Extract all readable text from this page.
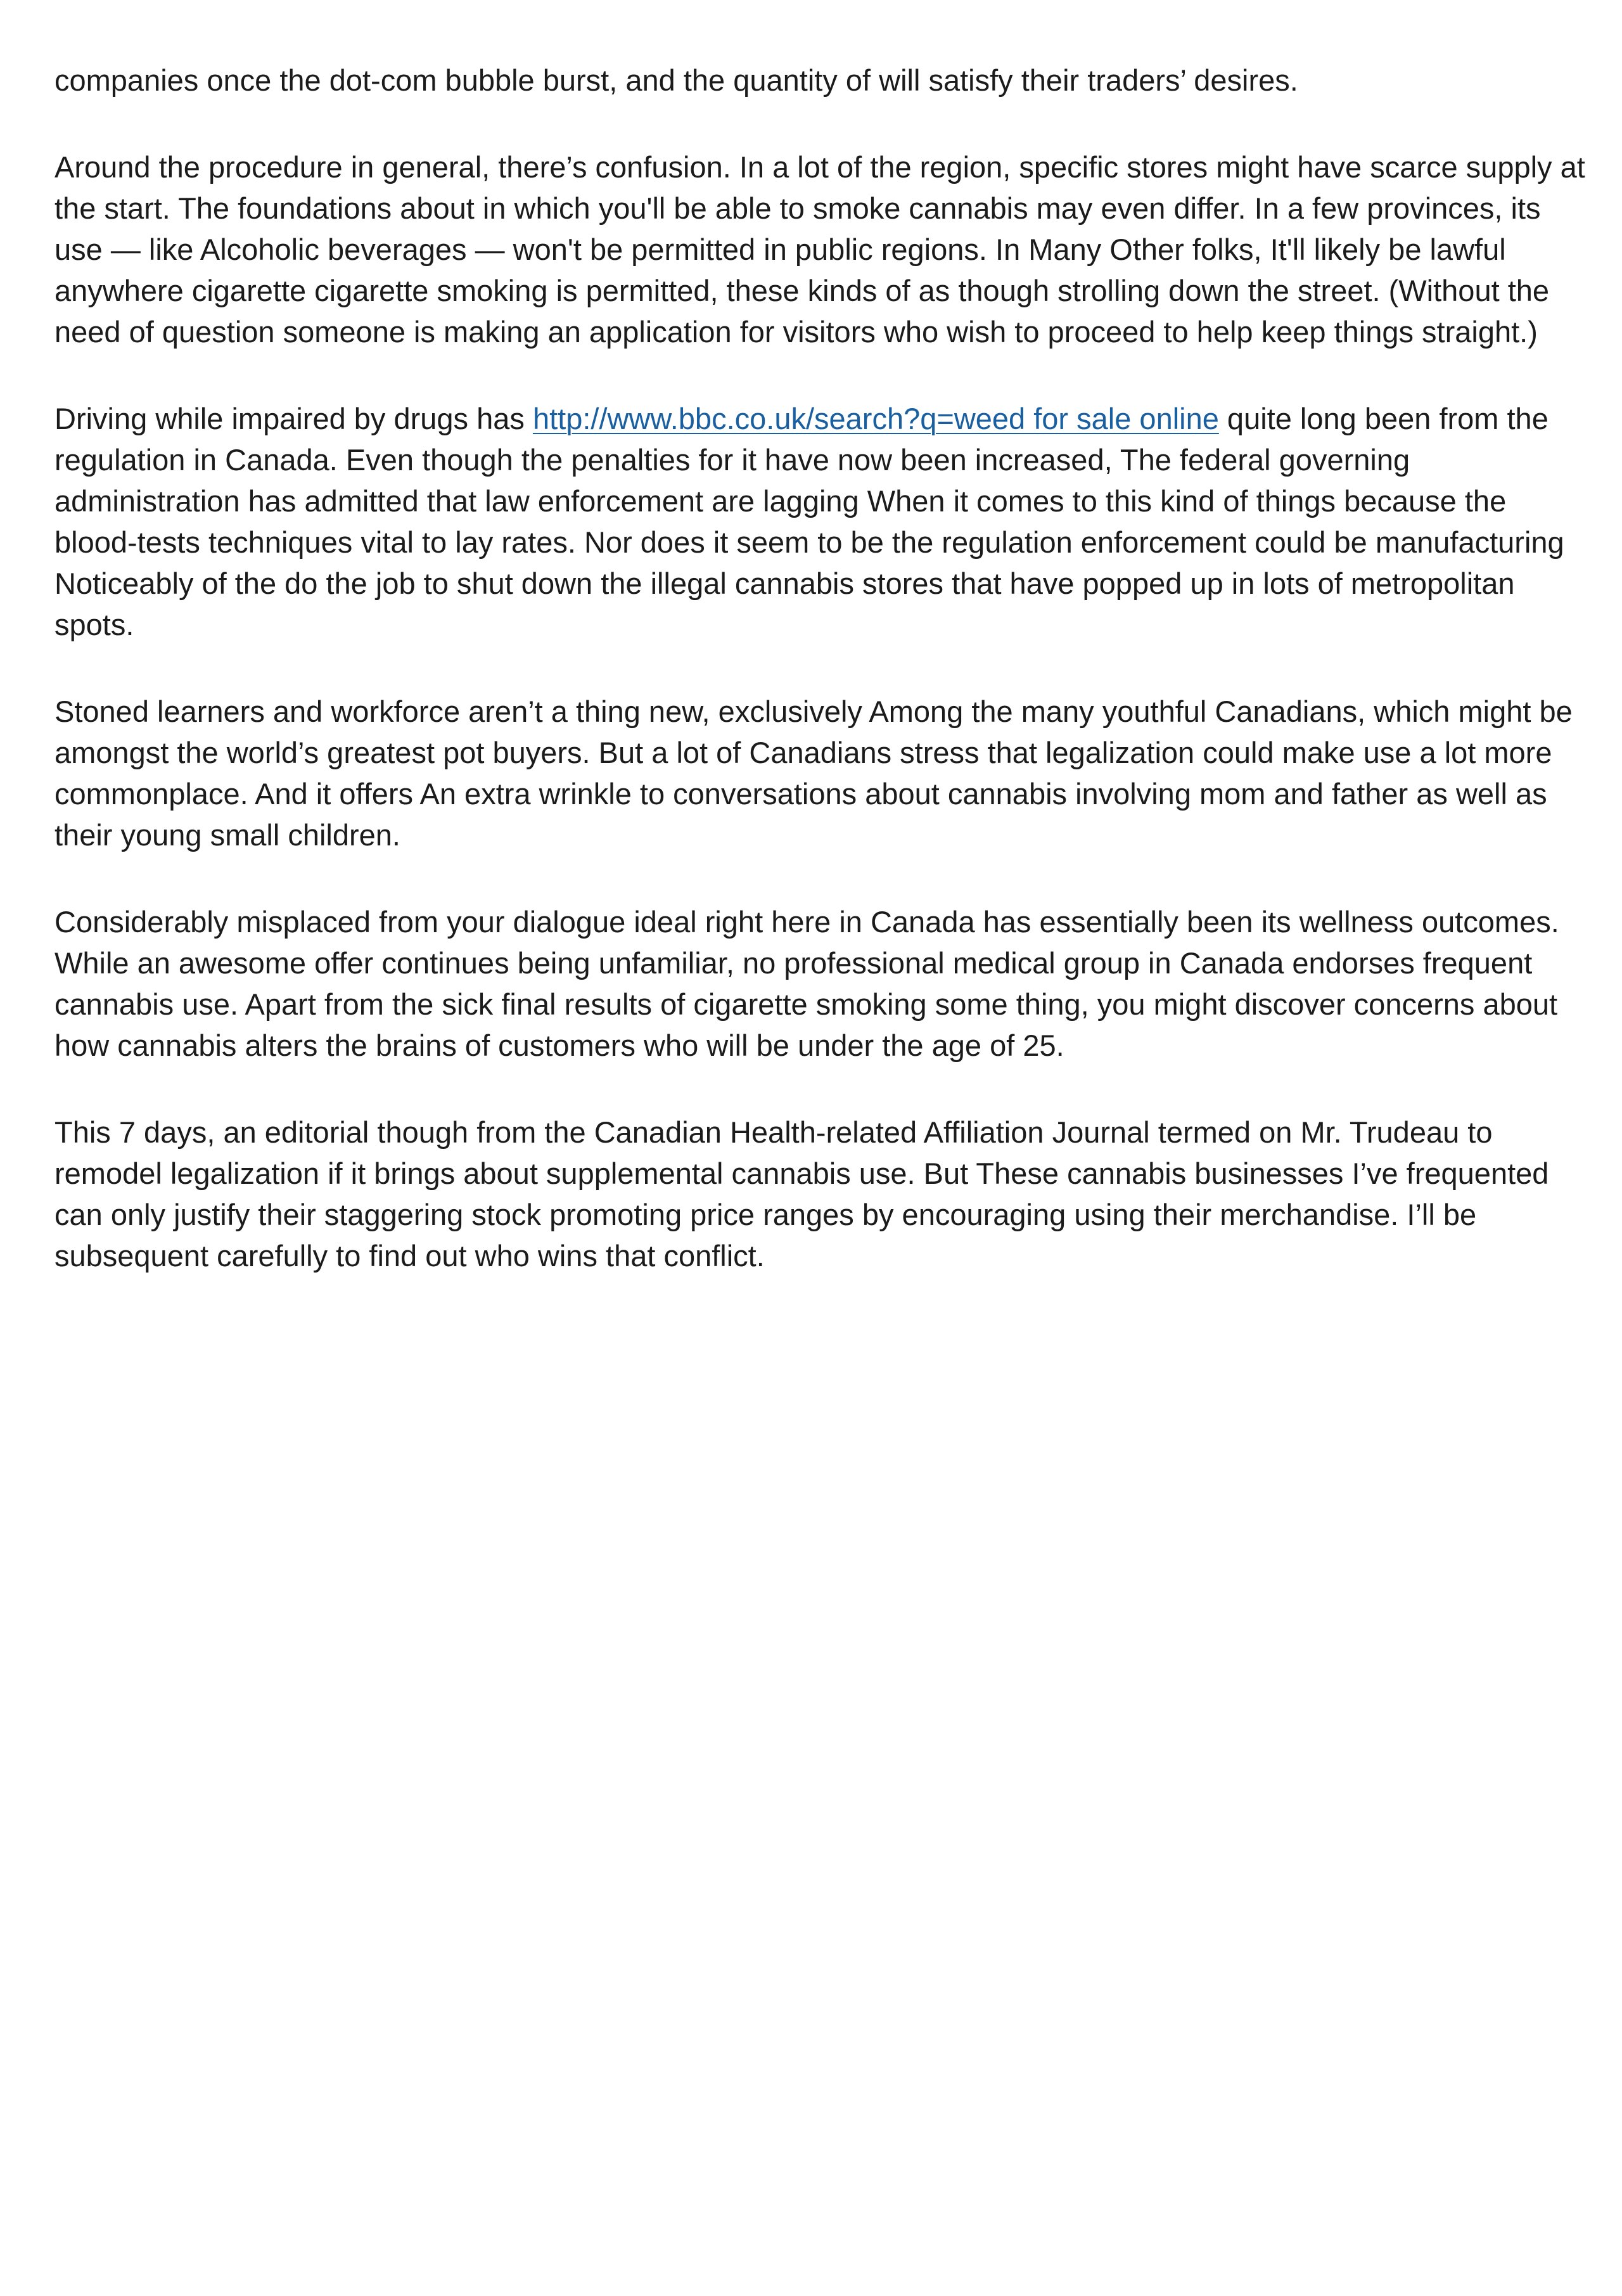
companies once the dot-com bubble burst, and the quantity of will satisfy their traders’ desires.

Around the procedure in general, there’s confusion. In a lot of the region, specific stores might have scarce supply at the start. The foundations about in which you'll be able to smoke cannabis may even differ. In a few provinces, its use — like Alcoholic beverages — won't be permitted in public regions. In Many Other folks, It'll likely be lawful anywhere cigarette cigarette smoking is permitted, these kinds of as though strolling down the street. (Without the need of question someone is making an application for visitors who wish to proceed to help keep things straight.)

Driving while impaired by drugs has http://www.bbc.co.uk/search?q=weed for sale online quite long been from the regulation in Canada. Even though the penalties for it have now been increased, The federal governing administration has admitted that law enforcement are lagging When it comes to this kind of things because the blood-tests techniques vital to lay rates. Nor does it seem to be the regulation enforcement could be manufacturing Noticeably of the do the job to shut down the illegal cannabis stores that have popped up in lots of metropolitan spots.

Stoned learners and workforce aren’t a thing new, exclusively Among the many youthful Canadians, which might be amongst the world’s greatest pot buyers. But a lot of Canadians stress that legalization could make use a lot more commonplace. And it offers An extra wrinkle to conversations about cannabis involving mom and father as well as their young small children.

Considerably misplaced from your dialogue ideal right here in Canada has essentially been its wellness outcomes. While an awesome offer continues being unfamiliar, no professional medical group in Canada endorses frequent cannabis use. Apart from the sick final results of cigarette smoking some thing, you might discover concerns about how cannabis alters the brains of customers who will be under the age of 25.

This 7 days, an editorial though from the Canadian Health-related Affiliation Journal termed on Mr. Trudeau to remodel legalization if it brings about supplemental cannabis use. But These cannabis businesses I’ve frequented can only justify their staggering stock promoting price ranges by encouraging using their merchandise. I’ll be subsequent carefully to find out who wins that conflict.
